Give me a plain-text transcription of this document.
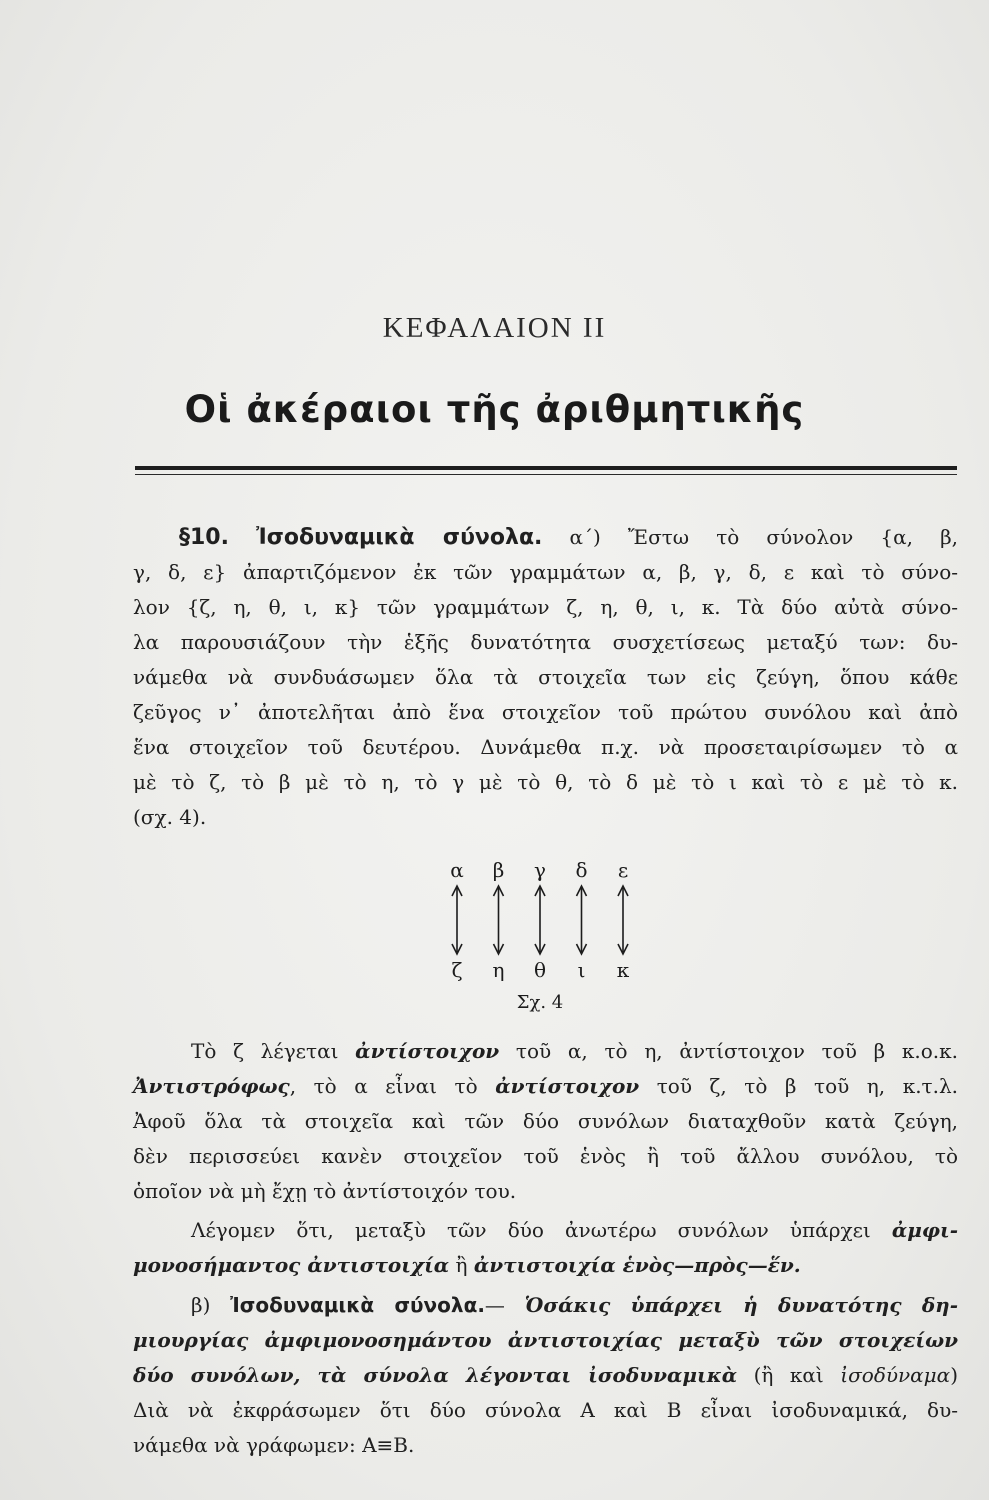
ΚΕΦΑΛΑΙΟΝ ΙΙ
Οἱ ἀκέραιοι τῆς ἀριθμητικῆς
§10. Ἰσοδυναμικὰ σύνολα. α΄) Ἔστω τὸ σύνολον {α, β,
γ, δ, ε} ἀπαρτιζόμενον ἐκ τῶν γραμμάτων α, β, γ, δ, ε καὶ τὸ σύνο-
λον {ζ, η, θ, ι, κ} τῶν γραμμάτων ζ, η, θ, ι, κ. Τὰ δύο αὐτὰ σύνο-
λα παρουσιάζουν τὴν ἑξῆς δυνατότητα συσχετίσεως μεταξύ των: δυ-
νάμεθα νὰ συνδυάσωμεν ὅλα τὰ στοιχεῖα των εἰς ζεύγη, ὅπου κάθε
ζεῦγος ν᾽ ἀποτελῆται ἀπὸ ἕνα στοιχεῖον τοῦ πρώτου συνόλου καὶ ἀπὸ
ἕνα στοιχεῖον τοῦ δευτέρου. Δυνάμεθα π.χ. νὰ προσεταιρίσωμεν τὸ α
μὲ τὸ ζ, τὸ β μὲ τὸ η, τὸ γ μὲ τὸ θ, τὸ δ μὲ τὸ ι καὶ τὸ ε μὲ τὸ κ.
(σχ. 4).
α	β	γ	δ	ε
ζ	η	θ	ι	κ
Σχ. 4
Τὸ ζ λέγεται ἀντίστοιχον τοῦ α, τὸ η, ἀντίστοιχον τοῦ β κ.ο.κ.
Ἀντιστρόφως, τὸ α εἶναι τὸ ἀντίστοιχον τοῦ ζ, τὸ β τοῦ η, κ.τ.λ.
Ἀφοῦ ὅλα τὰ στοιχεῖα καὶ τῶν δύο συνόλων διαταχθοῦν κατὰ ζεύγη,
δὲν περισσεύει κανὲν στοιχεῖον τοῦ ἑνὸς ἢ τοῦ ἄλλου συνόλου, τὸ
ὁποῖον νὰ μὴ ἔχῃ τὸ ἀντίστοιχόν του.
Λέγομεν ὅτι, μεταξὺ τῶν δύο ἀνωτέρω συνόλων ὑπάρχει ἀμφι-
μονοσήμαντος ἀντιστοιχία ἢ ἀντιστοιχία ἑνὸς—πρὸς—ἕν.
β) Ἰσοδυναμικὰ σύνολα.— Ὁσάκις ὑπάρχει ἡ δυνατότης δη-
μιουργίας ἀμφιμονοσημάντου ἀντιστοιχίας μεταξὺ τῶν στοιχείων
δύο συνόλων, τὰ σύνολα λέγονται ἰσοδυναμικὰ (ἢ καὶ ἰσοδύναμα)
Διὰ νὰ ἐκφράσωμεν ὅτι δύο σύνολα Α καὶ Β εἶναι ἰσοδυναμικά, δυ-
νάμεθα νὰ γράφωμεν: Α≡Β.
